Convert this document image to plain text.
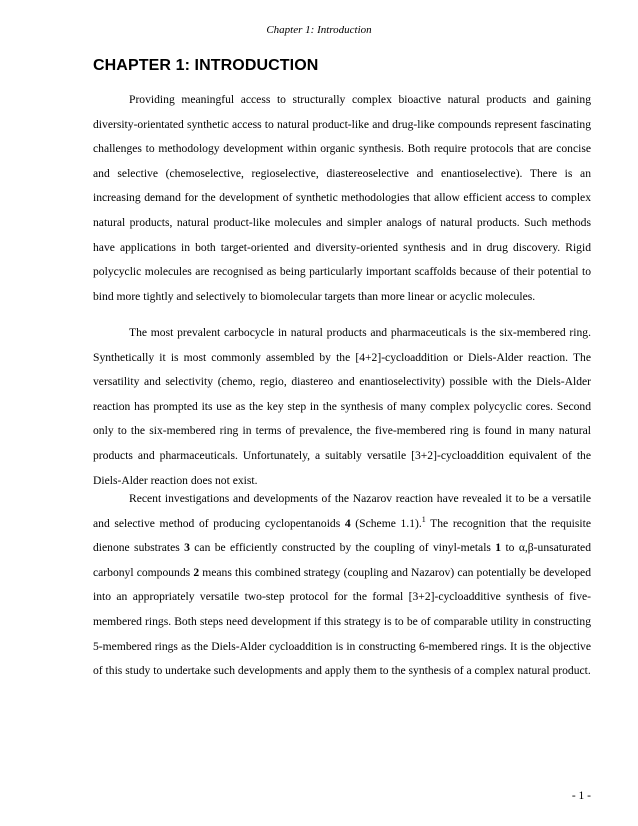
Chapter 1: Introduction
CHAPTER 1: INTRODUCTION

Providing meaningful access to structurally complex bioactive natural products and gaining diversity-orientated synthetic access to natural product-like and drug-like compounds represent fascinating challenges to methodology development within organic synthesis. Both require protocols that are concise and selective (chemoselective, regioselective, diastereoselective and enantioselective). There is an increasing demand for the development of synthetic methodologies that allow efficient access to complex natural products, natural product-like molecules and simpler analogs of natural products. Such methods have applications in both target-oriented and diversity-oriented synthesis and in drug discovery. Rigid polycyclic molecules are recognised as being particularly important scaffolds because of their potential to bind more tightly and selectively to biomolecular targets than more linear or acyclic molecules.

The most prevalent carbocycle in natural products and pharmaceuticals is the six-membered ring. Synthetically it is most commonly assembled by the [4+2]-cycloaddition or Diels-Alder reaction. The versatility and selectivity (chemo, regio, diastereo and enantioselectivity) possible with the Diels-Alder reaction has prompted its use as the key step in the synthesis of many complex polycyclic cores. Second only to the six-membered ring in terms of prevalence, the five-membered ring is found in many natural products and pharmaceuticals. Unfortunately, a suitably versatile [3+2]-cycloaddition equivalent of the Diels-Alder reaction does not exist.

Recent investigations and developments of the Nazarov reaction have revealed it to be a versatile and selective method of producing cyclopentanoids 4 (Scheme 1.1).$^1$ The recognition that the requisite dienone substrates 3 can be efficiently constructed by the coupling of vinyl-metals 1 to α,β-unsaturated carbonyl compounds 2 means this combined strategy (coupling and Nazarov) can potentially be developed into an appropriately versatile two-step protocol for the formal [3+2]-cycloadditive synthesis of five-membered rings. Both steps need development if this strategy is to be of comparable utility in constructing 5-membered rings as the Diels-Alder cycloaddition is in constructing 6-membered rings. It is the objective of this study to undertake such developments and apply them to the synthesis of a complex natural product.

- 1 -
